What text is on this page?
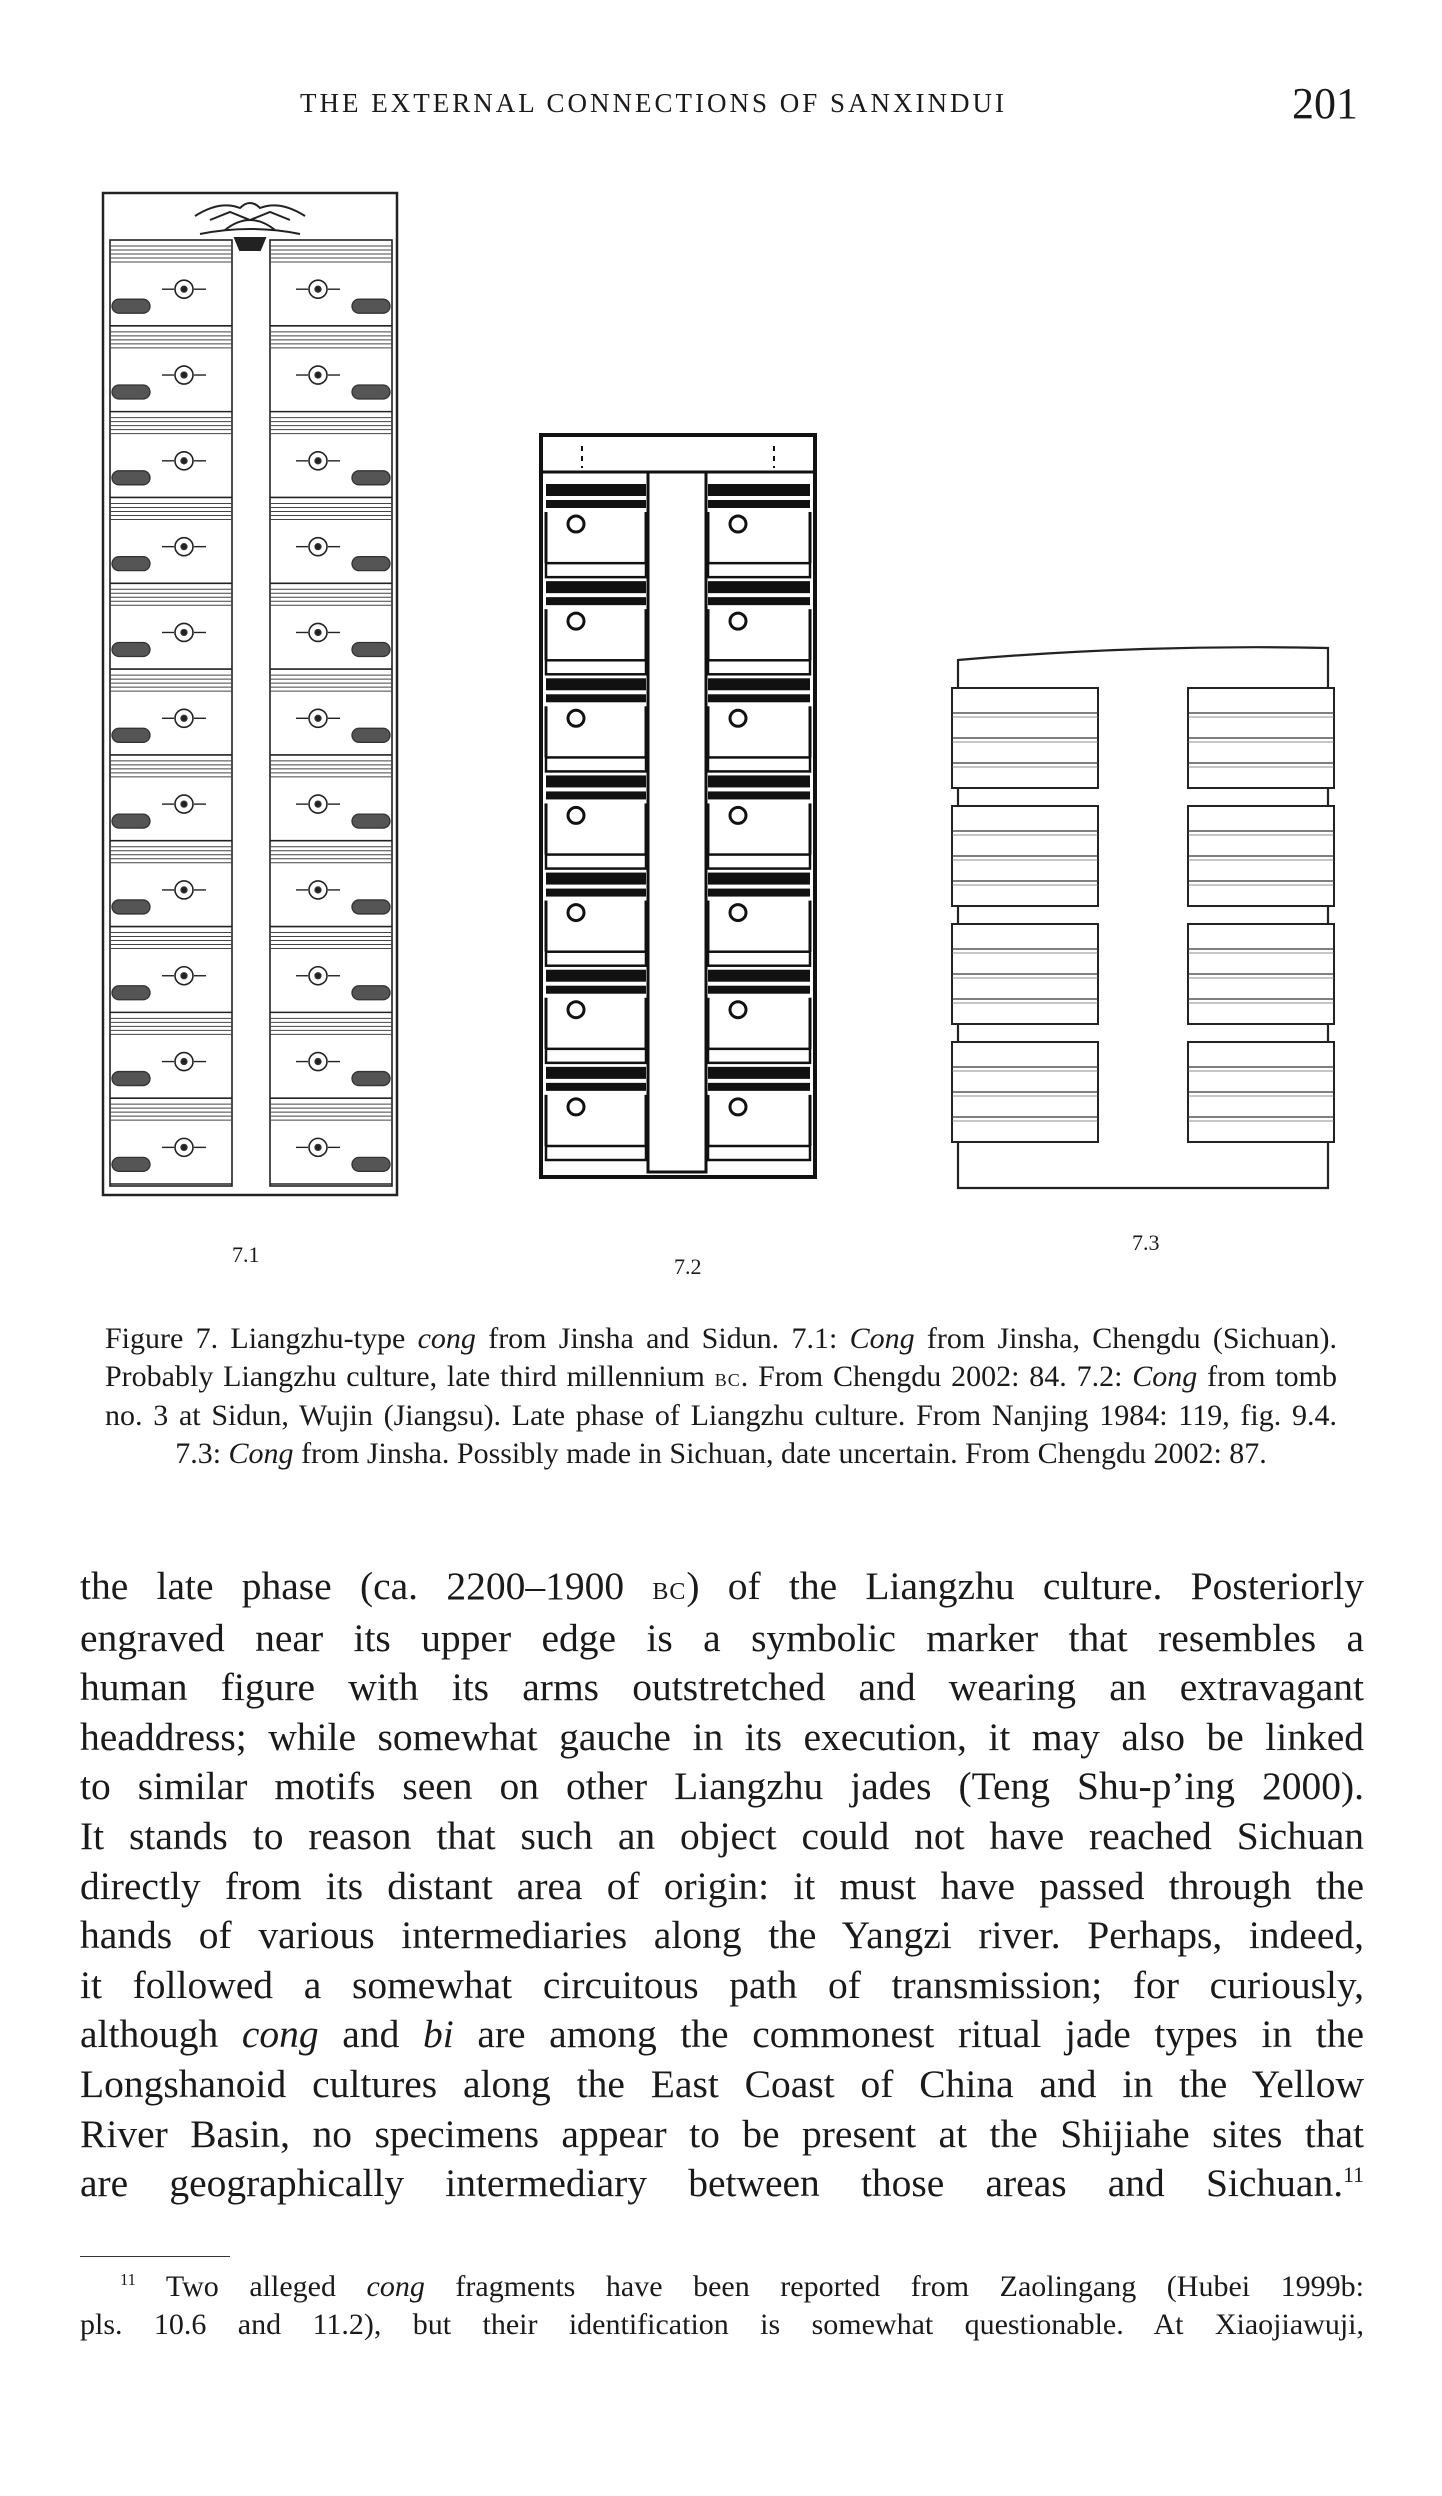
THE EXTERNAL CONNECTIONS OF SANXINDUI	201
7.1	7.2
7.3
Figure 7. Liangzhu-type cong from Jinsha and Sidun. 7.1: Cong from Jinsha, Chengdu (Sichuan). Probably Liangzhu culture, late third millennium bc. From Chengdu 2002: 84. 7.2: Cong from tomb no. 3 at Sidun, Wujin (Jiangsu). Late phase of Liangzhu culture. From Nanjing 1984: 119, fig. 9.4. 7.3: Cong from Jinsha. Possibly made in Sichuan, date uncertain. From Chengdu 2002: 87.
the late phase (ca. 2200–1900 bc) of the Liangzhu culture. Posteriorly
engraved near its upper edge is a symbolic marker that resembles a
human figure with its arms outstretched and wearing an extravagant
headdress; while somewhat gauche in its execution, it may also be linked
to similar motifs seen on other Liangzhu jades (Teng Shu-p’ing 2000).
It stands to reason that such an object could not have reached Sichuan
directly from its distant area of origin: it must have passed through the
hands of various intermediaries along the Yangzi river. Perhaps, indeed,
it followed a somewhat circuitous path of transmission; for curiously,
although cong and bi are among the commonest ritual jade types in the
Longshanoid cultures along the East Coast of China and in the Yellow
River Basin, no specimens appear to be present at the Shijiahe sites that
are geographically intermediary between those areas and Sichuan.$^{11}$
$^{11}$ Two alleged cong fragments have been reported from Zaolingang (Hubei 1999b:
pls. 10.6 and 11.2), but their identification is somewhat questionable. At Xiaojiawuji,
